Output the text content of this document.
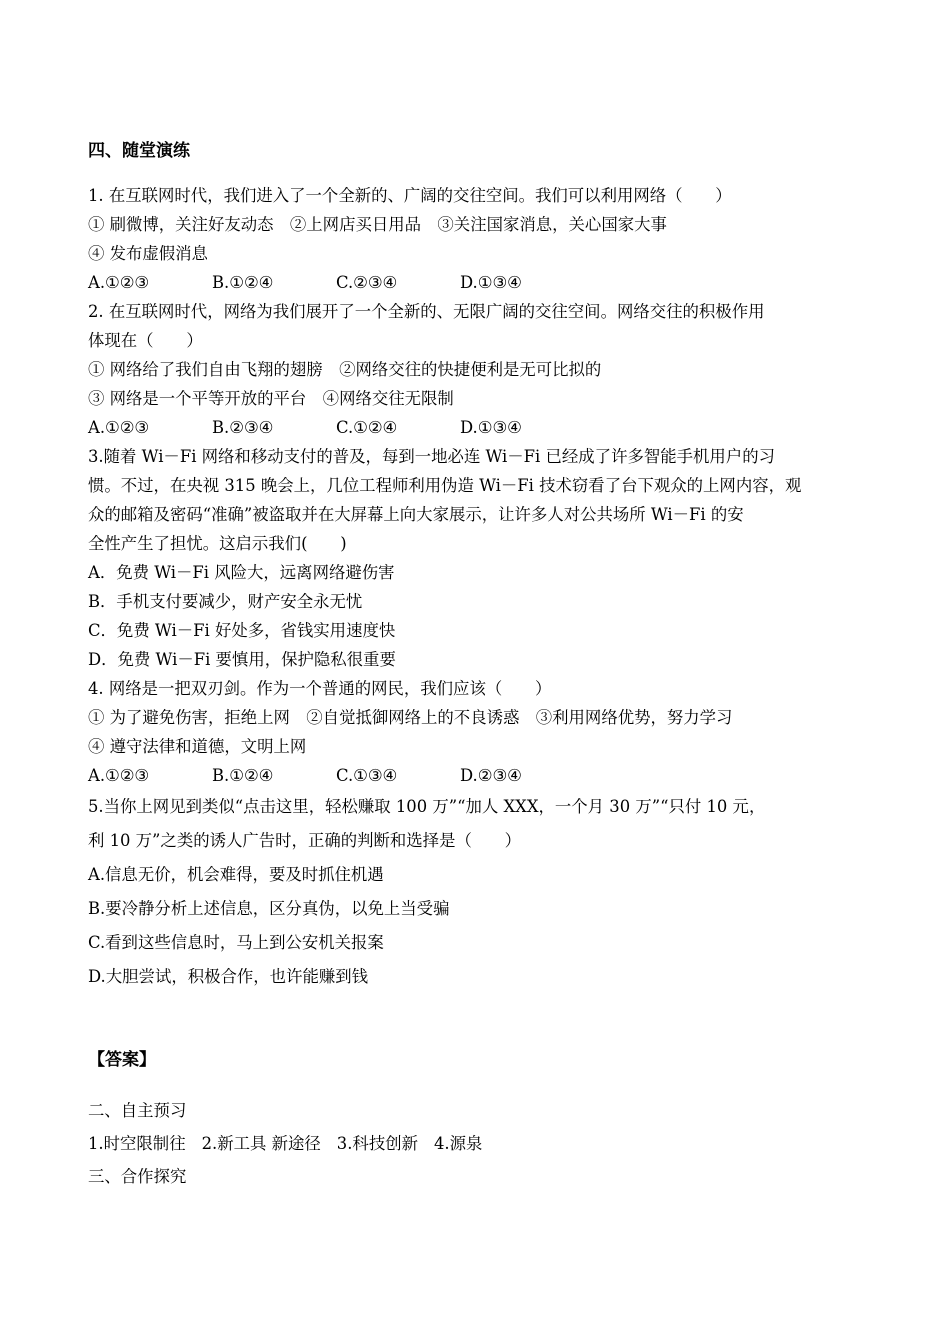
四、随堂演练
1. 在互联网时代，我们进入了一个全新的、广阔的交往空间。我们可以利用网络（　　）
① 刷微博，关注好友动态　②上网店买日用品　③关注国家消息，关心国家大事
④ 发布虚假消息
A.①②③	B.①②④	C.②③④	D.①③④
2. 在互联网时代，网络为我们展开了一个全新的、无限广阔的交往空间。网络交往的积极作用
体现在（　　）
① 网络给了我们自由飞翔的翅膀　②网络交往的快捷便利是无可比拟的
③ 网络是一个平等开放的平台　④网络交往无限制
A.①②③	B.②③④	C.①②④	D.①③④
3.随着 Wi－Fi 网络和移动支付的普及，每到一地必连 Wi－Fi 已经成了许多智能手机用户的习
惯。不过，在央视 315 晚会上，几位工程师利用伪造 Wi－Fi 技术窃看了台下观众的上网内容，观
众的邮箱及密码“准确”被盗取并在大屏幕上向大家展示，让许多人对公共场所 Wi－Fi 的安
全性产生了担忧。这启示我们(　　)
A．免费 Wi－Fi 风险大，远离网络避伤害
B．手机支付要减少，财产安全永无忧
C．免费 Wi－Fi 好处多，省钱实用速度快
D．免费 Wi－Fi 要慎用，保护隐私很重要
4. 网络是一把双刃剑。作为一个普通的网民，我们应该（　　）
① 为了避免伤害，拒绝上网　②自觉抵御网络上的不良诱惑　③利用网络优势，努力学习
④ 遵守法律和道德，文明上网
A.①②③	B.①②④	C.①③④	D.②③④
5.当你上网见到类似“点击这里，轻松赚取 100 万”“加人 XXX，一个月 30 万”“只付 10 元，
利 10 万”之类的诱人广告时，正确的判断和选择是（　　）
A.信息无价，机会难得，要及时抓住机遇
B.要冷静分析上述信息，区分真伪，以免上当受骗
C.看到这些信息时，马上到公安机关报案
D.大胆尝试，积极合作，也许能赚到钱
【答案】
二、自主预习
1.时空限制往 2.新工具 新途径 3.科技创新 4.源泉
三、合作探究
